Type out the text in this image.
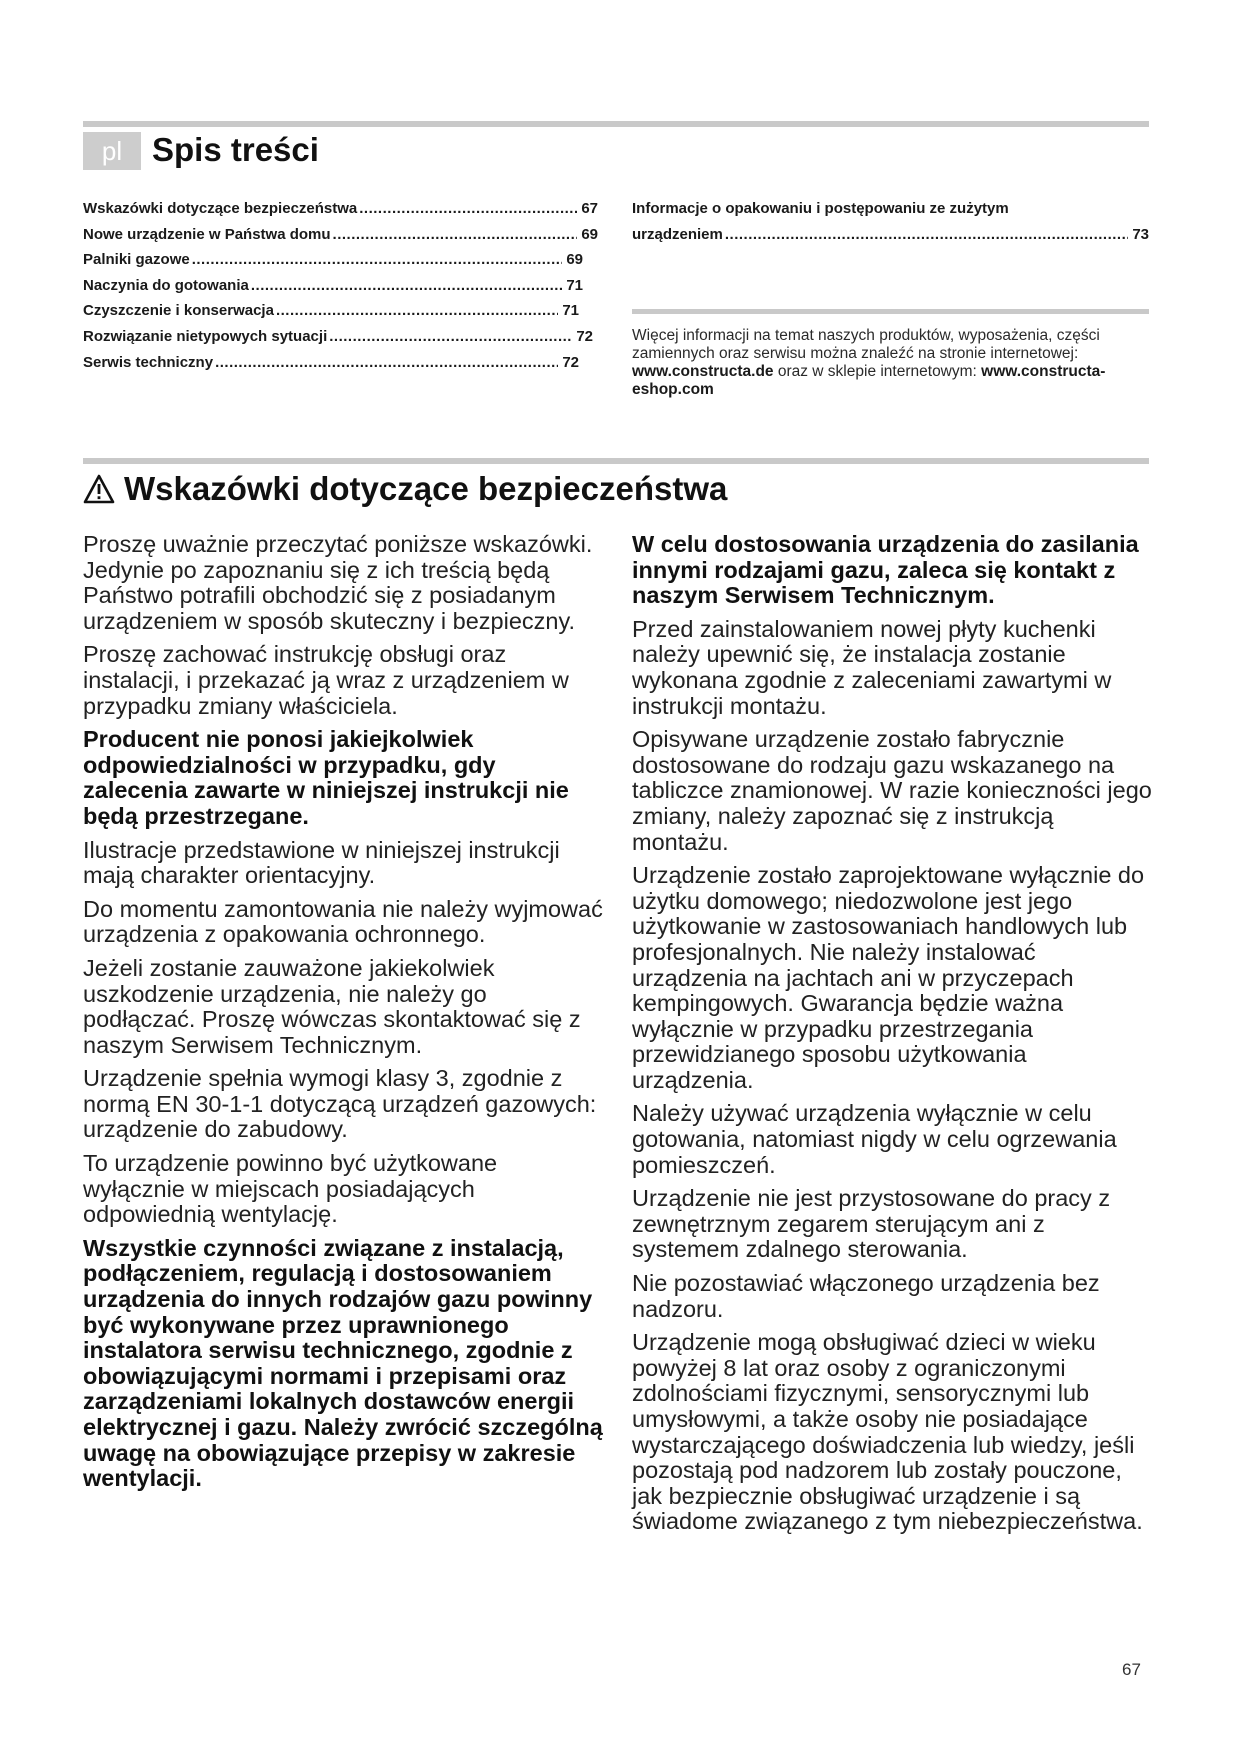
pl Spis treści
Wskazówki dotyczące bezpieczeństwa .....	67
Nowe urządzenie w Państwa domu .....	69
Palniki gazowe .....	69
Naczynia do gotowania .....	71
Czyszczenie i konserwacja .....	71
Rozwiązanie nietypowych sytuacji .....	72
Serwis techniczny .....	72
Informacje o opakowaniu i postępowaniu ze zużytym
urządzeniem .....	73
Więcej informacji na temat naszych produktów, wyposażenia, części zamiennych oraz serwisu można znaleźć na stronie internetowej: www.constructa.de oraz w sklepie internetowym: www.constructa-eshop.com
Wskazówki dotyczące bezpieczeństwa

Proszę uważnie przeczytać poniższe wskazówki. Jedynie po zapoznaniu się z ich treścią będą Państwo potrafili obchodzić się z posiadanym urządzeniem w sposób skuteczny i bezpieczny.

Proszę zachować instrukcję obsługi oraz instalacji, i przekazać ją wraz z urządzeniem w przypadku zmiany właściciela.

Producent nie ponosi jakiejkolwiek odpowiedzialności w przypadku, gdy zalecenia zawarte w niniejszej instrukcji nie będą przestrzegane.

Ilustracje przedstawione w niniejszej instrukcji mają charakter orientacyjny.

Do momentu zamontowania nie należy wyjmować urządzenia z opakowania ochronnego.

Jeżeli zostanie zauważone jakiekolwiek uszkodzenie urządzenia, nie należy go podłączać. Proszę wówczas skontaktować się z naszym Serwisem Technicznym.

Urządzenie spełnia wymogi klasy 3, zgodnie z normą EN 30-1-1 dotyczącą urządzeń gazowych: urządzenie do zabudowy.

To urządzenie powinno być użytkowane wyłącznie w miejscach posiadających odpowiednią wentylację.

Wszystkie czynności związane z instalacją, podłączeniem, regulacją i dostosowaniem urządzenia do innych rodzajów gazu powinny być wykonywane przez uprawnionego instalatora serwisu technicznego, zgodnie z obowiązującymi normami i przepisami oraz zarządzeniami lokalnych dostawców energii elektrycznej i gazu. Należy zwrócić szczególną uwagę na obowiązujące przepisy w zakresie wentylacji.

W celu dostosowania urządzenia do zasilania innymi rodzajami gazu, zaleca się kontakt z naszym Serwisem Technicznym.

Przed zainstalowaniem nowej płyty kuchenki należy upewnić się, że instalacja zostanie wykonana zgodnie z zaleceniami zawartymi w instrukcji montażu.

Opisywane urządzenie zostało fabrycznie dostosowane do rodzaju gazu wskazanego na tabliczce znamionowej. W razie konieczności jego zmiany, należy zapoznać się z instrukcją montażu.

Urządzenie zostało zaprojektowane wyłącznie do użytku domowego; niedozwolone jest jego użytkowanie w zastosowaniach handlowych lub profesjonalnych. Nie należy instalować urządzenia na jachtach ani w przyczepach kempingowych. Gwarancja będzie ważna wyłącznie w przypadku przestrzegania przewidzianego sposobu użytkowania urządzenia.

Należy używać urządzenia wyłącznie w celu gotowania, natomiast nigdy w celu ogrzewania pomieszczeń.

Urządzenie nie jest przystosowane do pracy z zewnętrznym zegarem sterującym ani z systemem zdalnego sterowania.

Nie pozostawiać włączonego urządzenia bez nadzoru.

Urządzenie mogą obsługiwać dzieci w wieku powyżej 8 lat oraz osoby z ograniczonymi zdolnościami fizycznymi, sensorycznymi lub umysłowymi, a także osoby nie posiadające wystarczającego doświadczenia lub wiedzy, jeśli pozostają pod nadzorem lub zostały pouczone, jak bezpiecznie obsługiwać urządzenie i są świadome związanego z tym niebezpieczeństwa.

67
